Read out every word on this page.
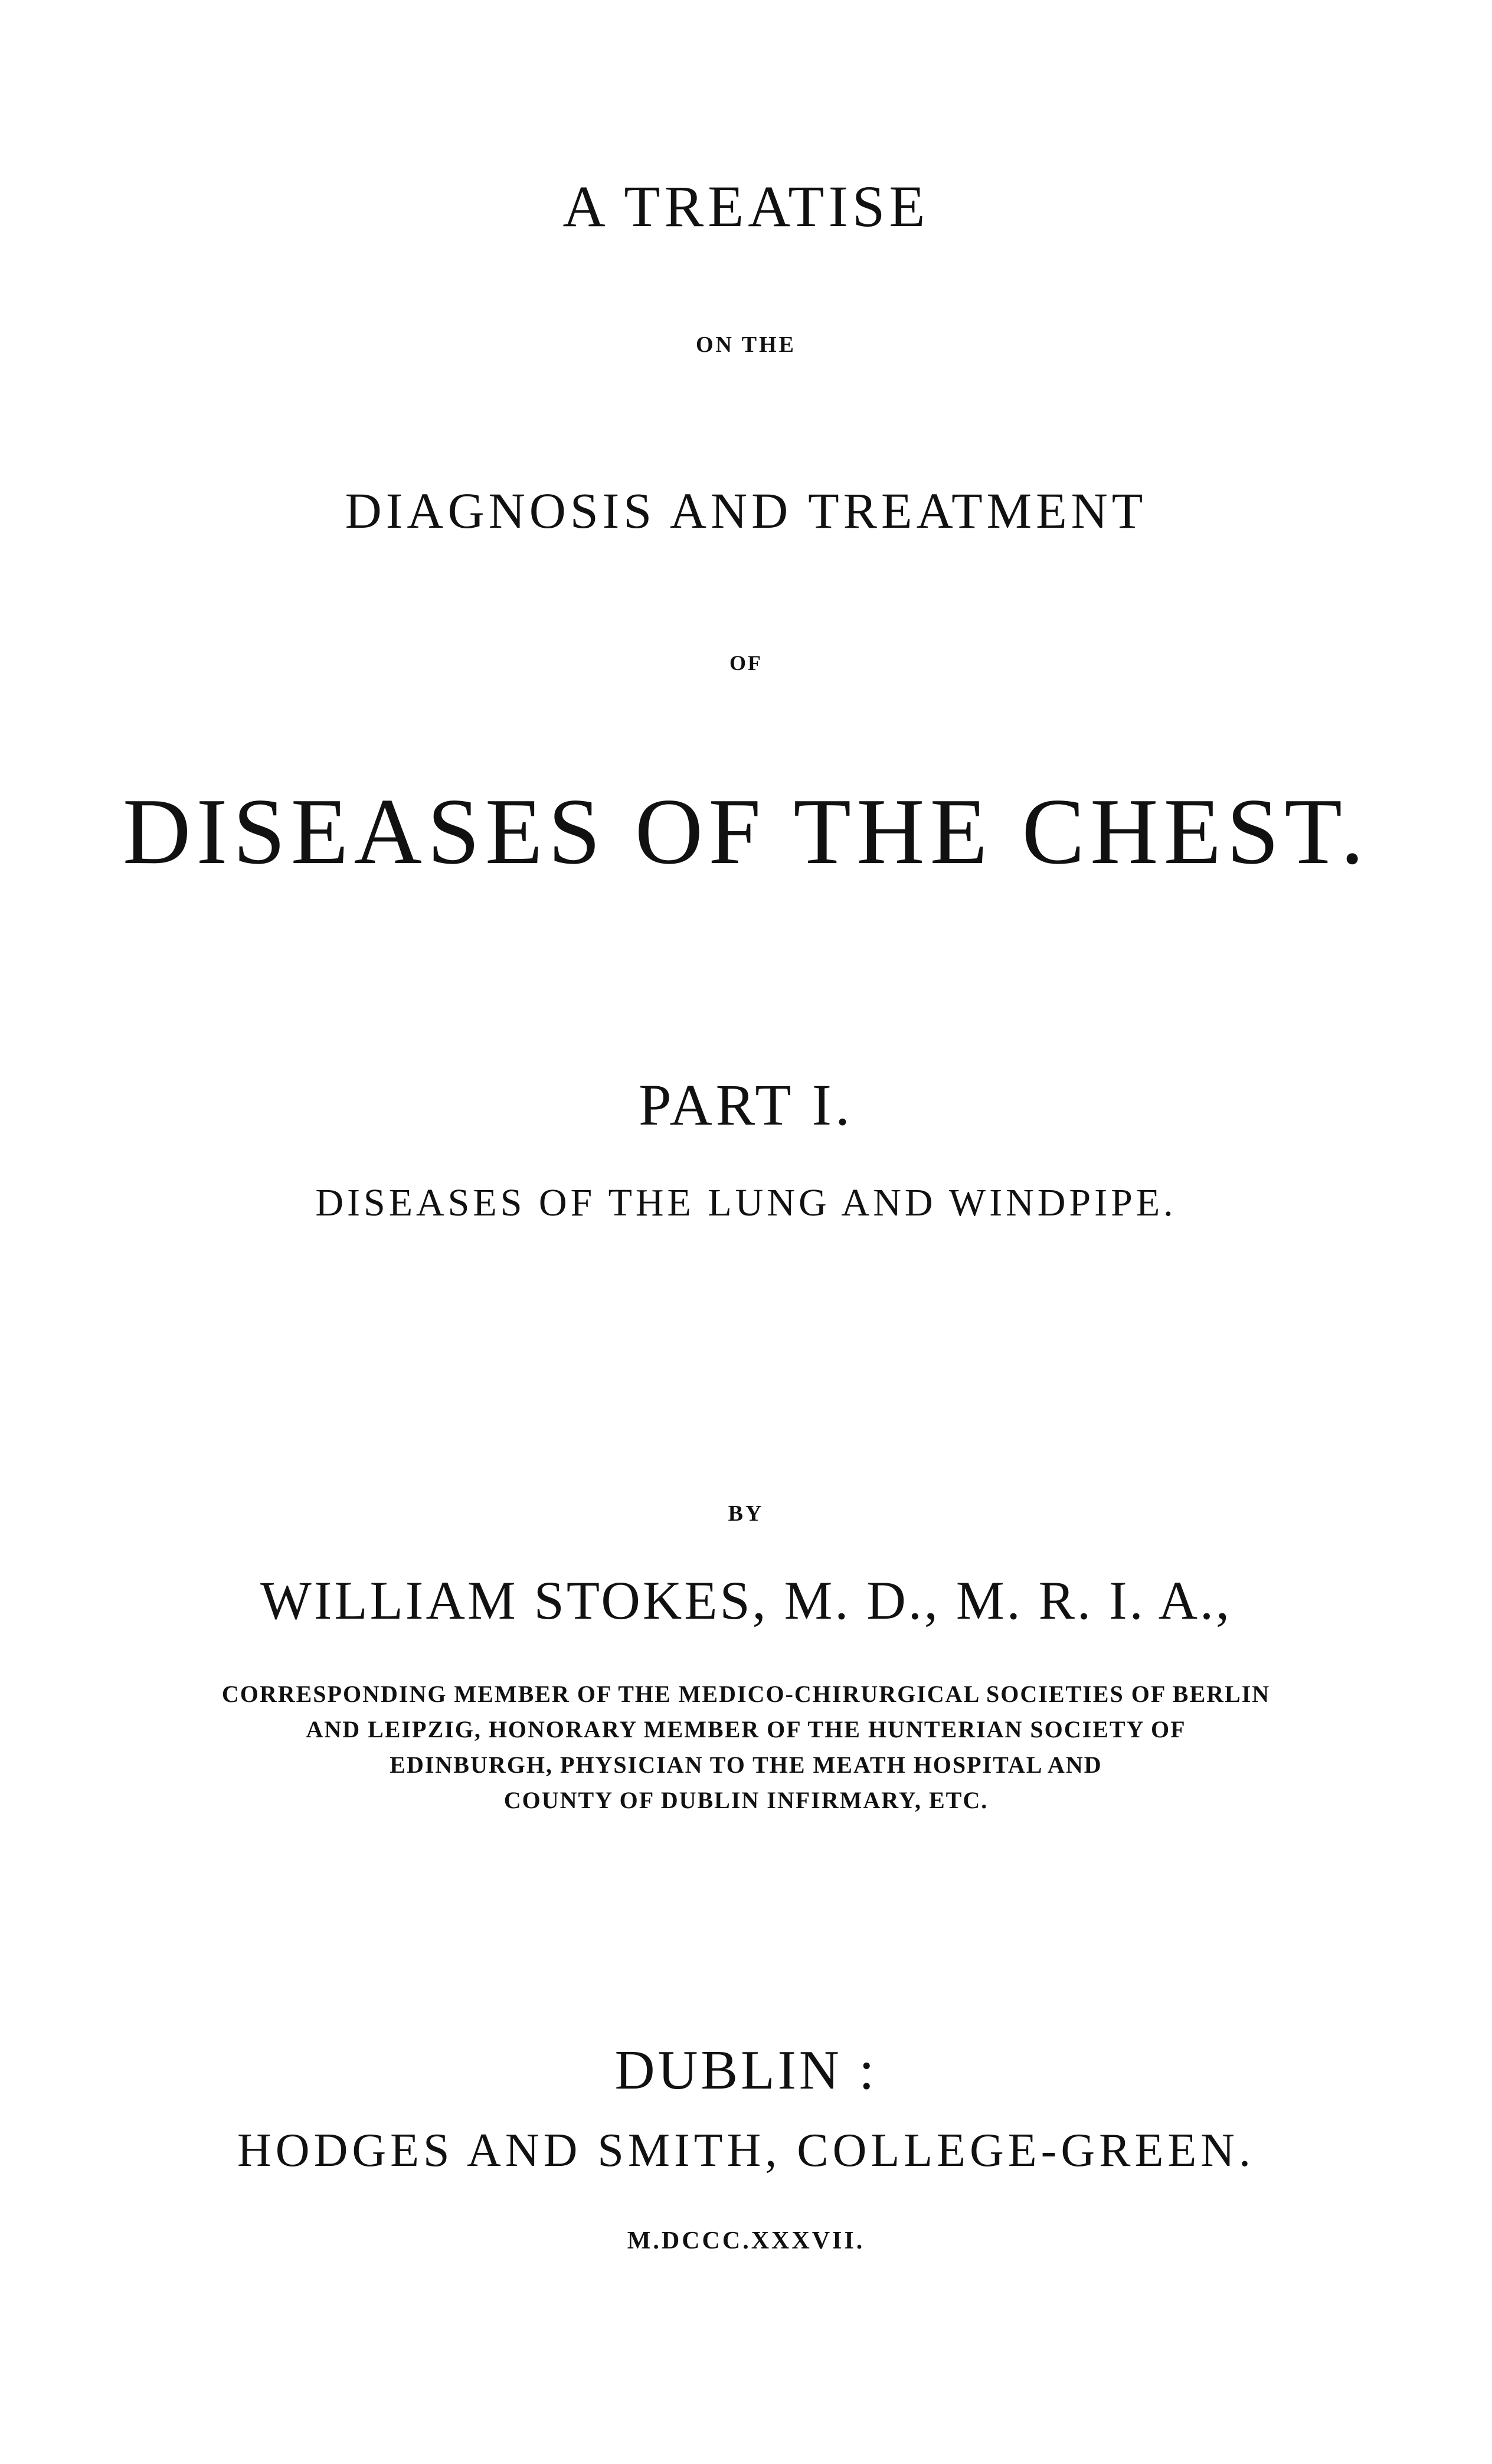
A TREATISE
ON THE
DIAGNOSIS AND TREATMENT
OF
DISEASES OF THE CHEST.
PART I.
DISEASES OF THE LUNG AND WINDPIPE.
BY
WILLIAM STOKES, M. D., M. R. I. A.,
CORRESPONDING MEMBER OF THE MEDICO-CHIRURGICAL SOCIETIES OF BERLIN
AND LEIPZIG, HONORARY MEMBER OF THE HUNTERIAN SOCIETY OF
EDINBURGH, PHYSICIAN TO THE MEATH HOSPITAL AND
COUNTY OF DUBLIN INFIRMARY, ETC.
DUBLIN :
HODGES AND SMITH, COLLEGE-GREEN.
M.DCCC.XXXVII.
